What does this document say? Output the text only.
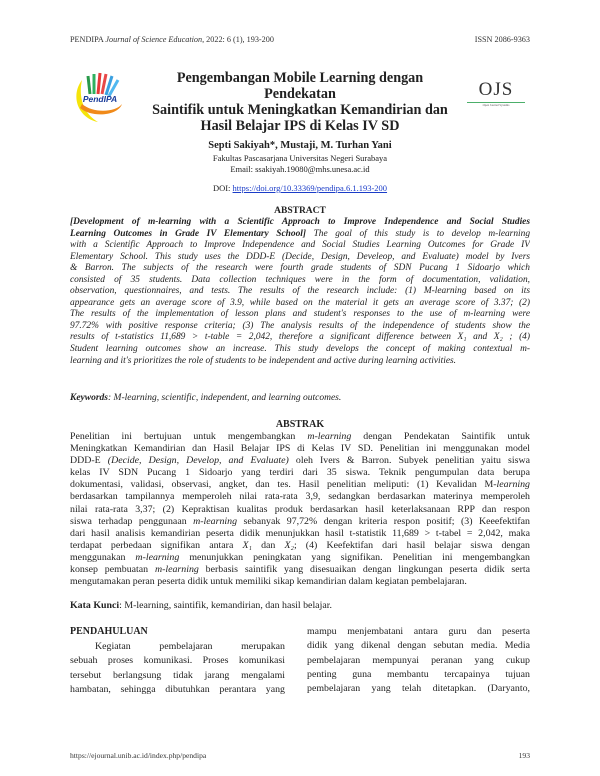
PENDIPA Journal of Science Education, 2022: 6 (1), 193-200	ISSN 2086-9363
PendIPA
Pengembangan Mobile Learning dengan Pendekatan
Saintifik untuk Meningkatkan Kemandirian dan
Hasil Belajar IPS di Kelas IV SD
OJS
Open Journal Systems
Septi Sakiyah*, Mustaji, M. Turhan Yani
Fakultas Pascasarjana Universitas Negeri Surabaya
Email: ssakiyah.19080@mhs.unesa.ac.id
DOI: https://doi.org/10.33369/pendipa.6.1.193-200
ABSTRACT
[Development of m-learning with a Scientific Approach to Improve Independence and Social Studies
Learning Outcomes in Grade IV Elementary School] The goal of this study is to develop m-learning
with a Scientific Approach to Improve Independence and Social Studies Learning Outcomes for Grade IV
Elementary School. This study uses the DDD-E (Decide, Design, Develeop, and Evaluate) model by Ivers
& Barron. The subjects of the research were fourth grade students of SDN Pucang 1 Sidoarjo which
consisted of 35 students. Data collection techniques were in the form of documentation, validation,
observation, questionnaires, and tests. The results of the research include: (1) M-learning based on its
appearance gets an average score of 3.9, while based on the material it gets an average score of 3.37; (2)
The results of the implementation of lesson plans and student's responses to the use of m-learning were
97.72% with positive response criteria; (3) The analysis results of the independence of students show the
results of t-statistics 11,689 > t-table = 2,042, therefore a significant difference between X₁ and X₂ ; (4)
Student learning outcomes show an increase. This study develops the concept of making contextual m-
learning and it's prioritizes the role of students to be independent and active during learning activities.
Keywords: M-learning, scientific, independent, and learning outcomes.
ABSTRAK
Penelitian ini bertujuan untuk mengembangkan m-learning dengan Pendekatan Saintifik untuk
Meningkatkan Kemandirian dan Hasil Belajar IPS di Kelas IV SD. Penelitian ini menggunakan model
DDD-E (Decide, Design, Develop, and Evaluate) oleh Ivers & Barron. Subyek penelitian yaitu siswa
kelas IV SDN Pucang 1 Sidoarjo yang terdiri dari 35 siswa. Teknik pengumpulan data berupa
dokumentasi, validasi, observasi, angket, dan tes. Hasil penelitian meliputi: (1) Kevalidan M-learning
berdasarkan tampilannya memperoleh nilai rata-rata 3,9, sedangkan berdasarkan materinya memperoleh
nilai rata-rata 3,37; (2) Kepraktisan kualitas produk berdasarkan hasil keterlaksanaan RPP dan respon
siswa terhadap penggunaan m-learning sebanyak 97,72% dengan kriteria respon positif; (3) Keeefektifan
dari hasil analisis kemandirian peserta didik menunjukkan hasil t-statistik 11,689 > t-tabel = 2,042, maka
terdapat perbedaan signifikan antara X₁ dan X₂; (4) Keefektifan dari hasil belajar siswa dengan
menggunakan m-learning menunjukkan peningkatan yang signifikan. Penelitian ini mengembangkan
konsep pembuatan m-learning berbasis saintifik yang disesuaikan dengan lingkungan peserta didik serta
mengutamakan peran peserta didik untuk memiliki sikap kemandirian dalam kegiatan pembelajaran.
Kata Kunci: M-learning, saintifik, kemandirian, dan hasil belajar.
PENDAHULUAN
Kegiatan pembelajaran merupakan
sebuah proses komunikasi. Proses komunikasi
tersebut berlangsung tidak jarang mengalami
hambatan, sehingga dibutuhkan perantara yang
mampu menjembatani antara guru dan peserta
didik yang dikenal dengan sebutan media. Media
pembelajaran mempunyai peranan yang cukup
penting guna membantu tercapainya tujuan
pembelajaran yang telah ditetapkan. (Daryanto,
https://ejournal.unib.ac.id/index.php/pendipa	193
